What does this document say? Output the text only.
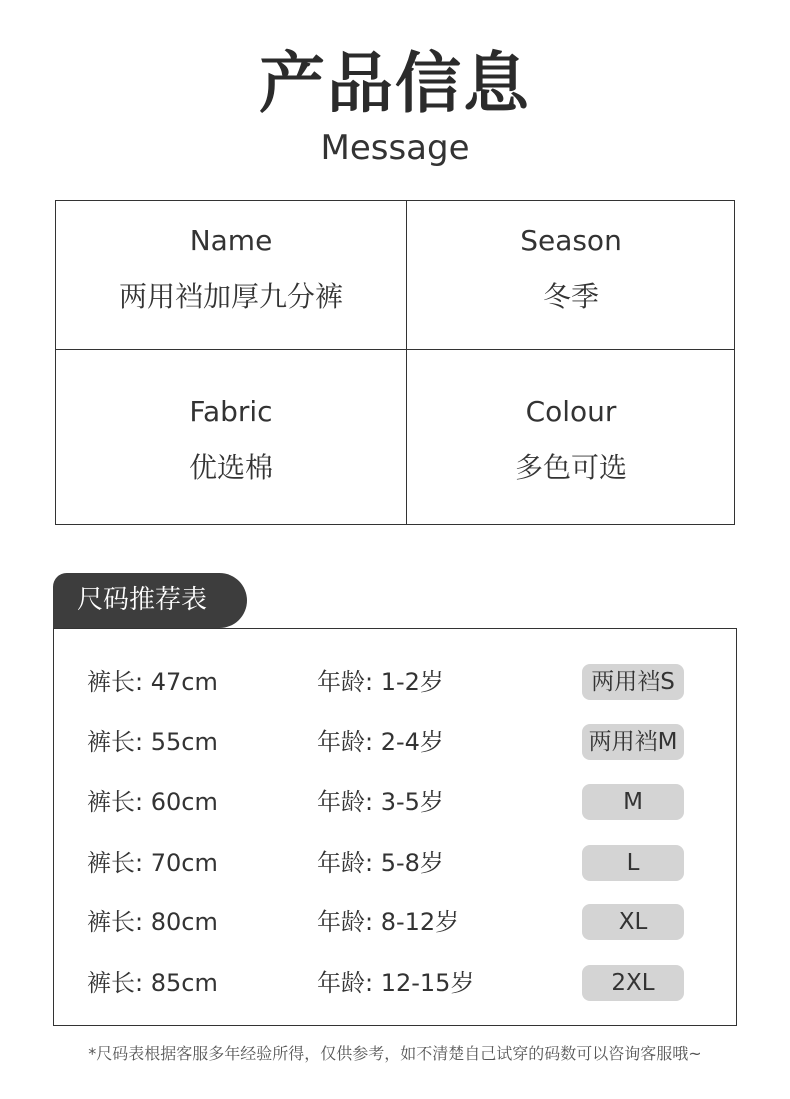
产品信息
Message
Name
两用裆加厚九分裤
Season
冬季
Fabric
优选棉
Colour
多色可选
尺码推荐表
裤长: 47cm	年龄: 1-2岁	两用裆S
裤长: 55cm	年龄: 2-4岁	两用裆M
裤长: 60cm	年龄: 3-5岁	M
裤长: 70cm	年龄: 5-8岁	L
裤长: 80cm	年龄: 8-12岁	XL
裤长: 85cm	年龄: 12-15岁	2XL
*尺码表根据客服多年经验所得，仅供参考，如不清楚自己试穿的码数可以咨询客服哦~
